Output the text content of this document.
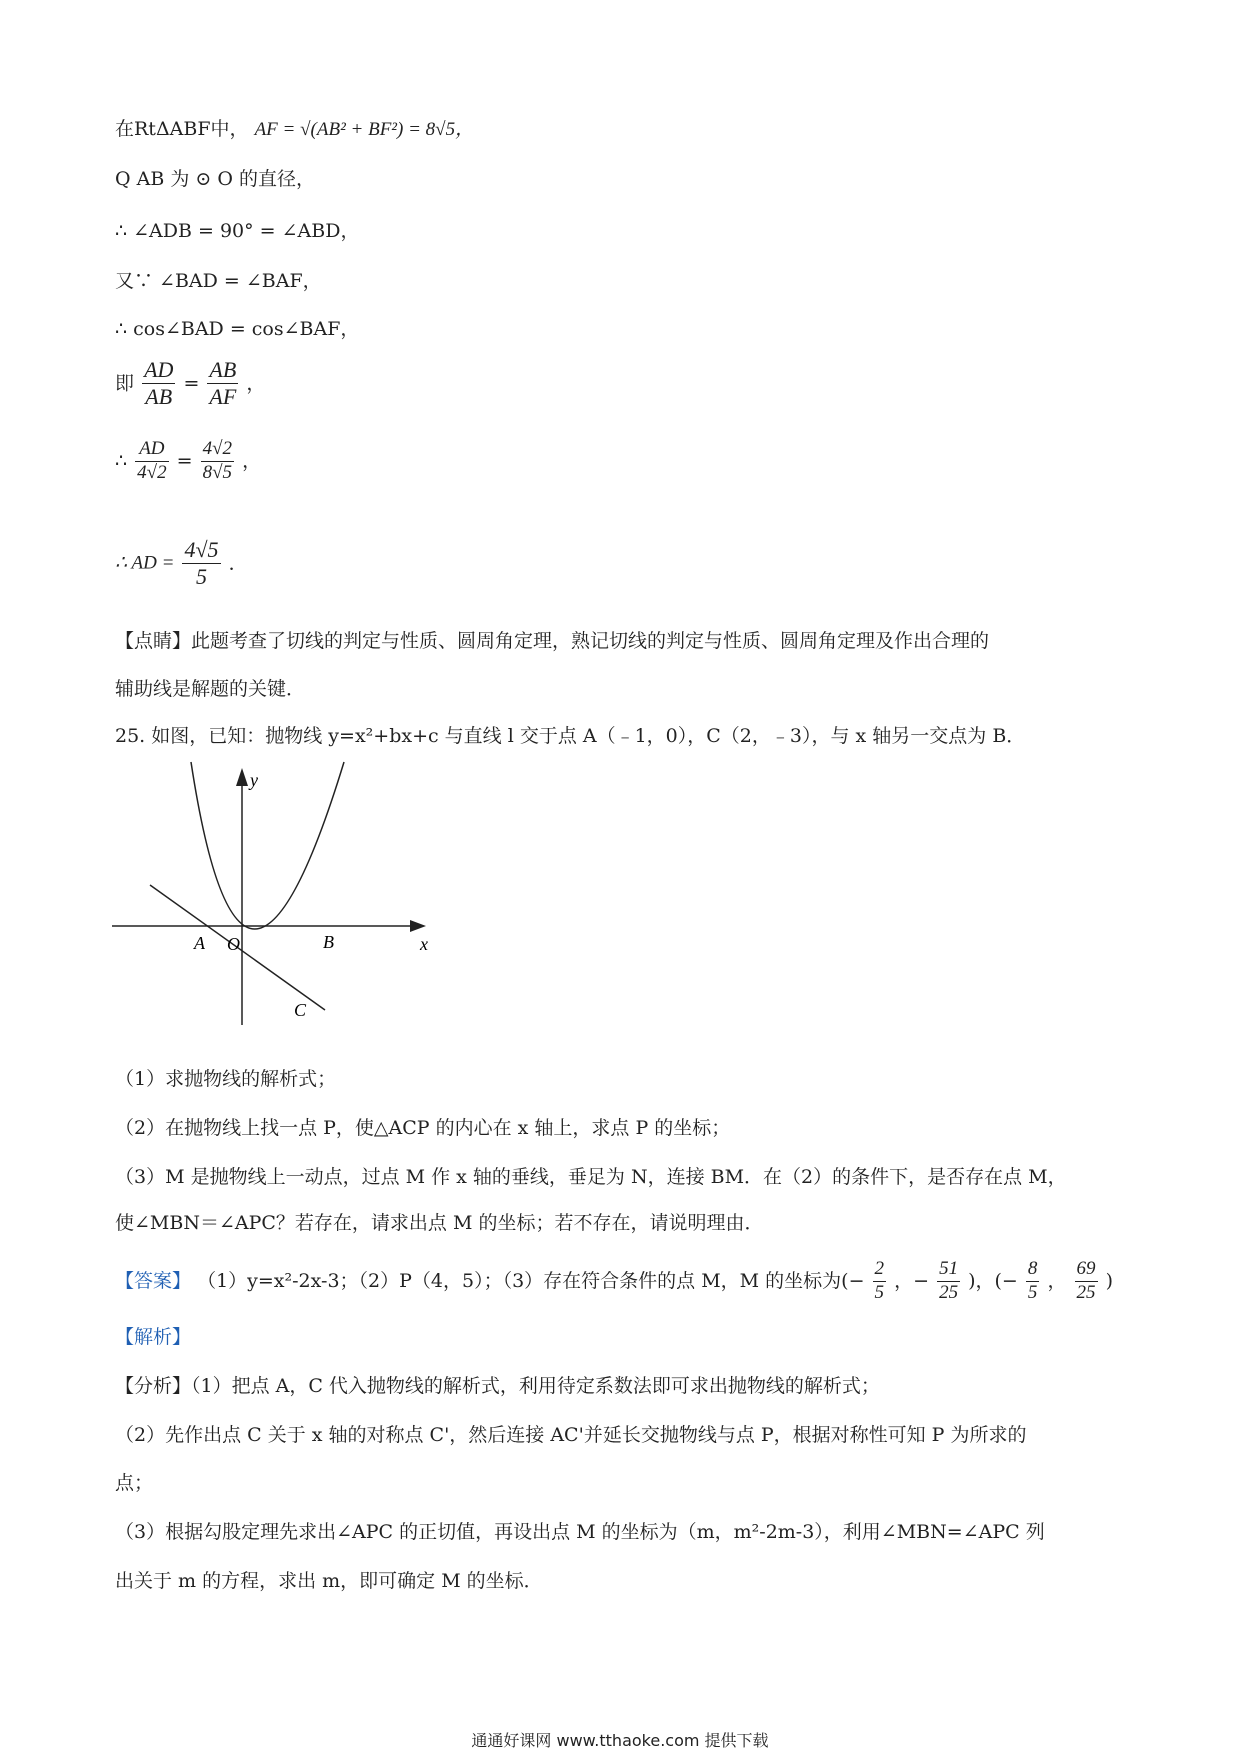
在RtΔABF中， AF = √(AB² + BF²) = 8√5，
Q AB 为 ⊙ O 的直径，
∴ ∠ADB = 90° = ∠ABD，
又∵ ∠BAD = ∠BAF，
∴ cos∠BAD = cos∠BAF，
即 $\frac{AD}{AB} = \frac{AB}{AF}$ ，
∴ $\frac{AD}{4√2} = \frac{4√2}{8√5}$ ，
∴ AD = $\frac{4√5}{5}$ ．
【点睛】此题考查了切线的判定与性质、圆周角定理，熟记切线的判定与性质、圆周角定理及作出合理的
辅助线是解题的关键．
25. 如图，已知：抛物线 y=x²+bx+c 与直线 l 交于点 A（﹣1，0），C（2，﹣3），与 x 轴另一交点为 B．
y
x
A O	B
C
（1）求抛物线的解析式；
（2）在抛物线上找一点 P，使△ACP 的内心在 x 轴上，求点 P 的坐标；
（3）M 是抛物线上一动点，过点 M 作 x 轴的垂线，垂足为 N，连接 BM．在（2）的条件下，是否存在点 M，
使∠MBN＝∠APC？若存在，请求出点 M 的坐标；若不存在，请说明理由．
【答案】 （1）y=x²-2x-3；（2）P（4，5）；（3）存在符合条件的点 M，M 的坐标为(− $\frac{2}{5}$ ，− $\frac{51}{25}$ )，(− $\frac{8}{5}$ ， $\frac{69}{25}$ )
【解析】
【分析】（1）把点 A，C 代入抛物线的解析式，利用待定系数法即可求出抛物线的解析式；
（2）先作出点 C 关于 x 轴的对称点 C'，然后连接 AC'并延长交抛物线与点 P，根据对称性可知 P 为所求的
点；
（3）根据勾股定理先求出∠APC 的正切值，再设出点 M 的坐标为（m，m²-2m-3），利用∠MBN=∠APC 列
出关于 m 的方程，求出 m，即可确定 M 的坐标．
通通好课网 www.tthaoke.com 提供下载
